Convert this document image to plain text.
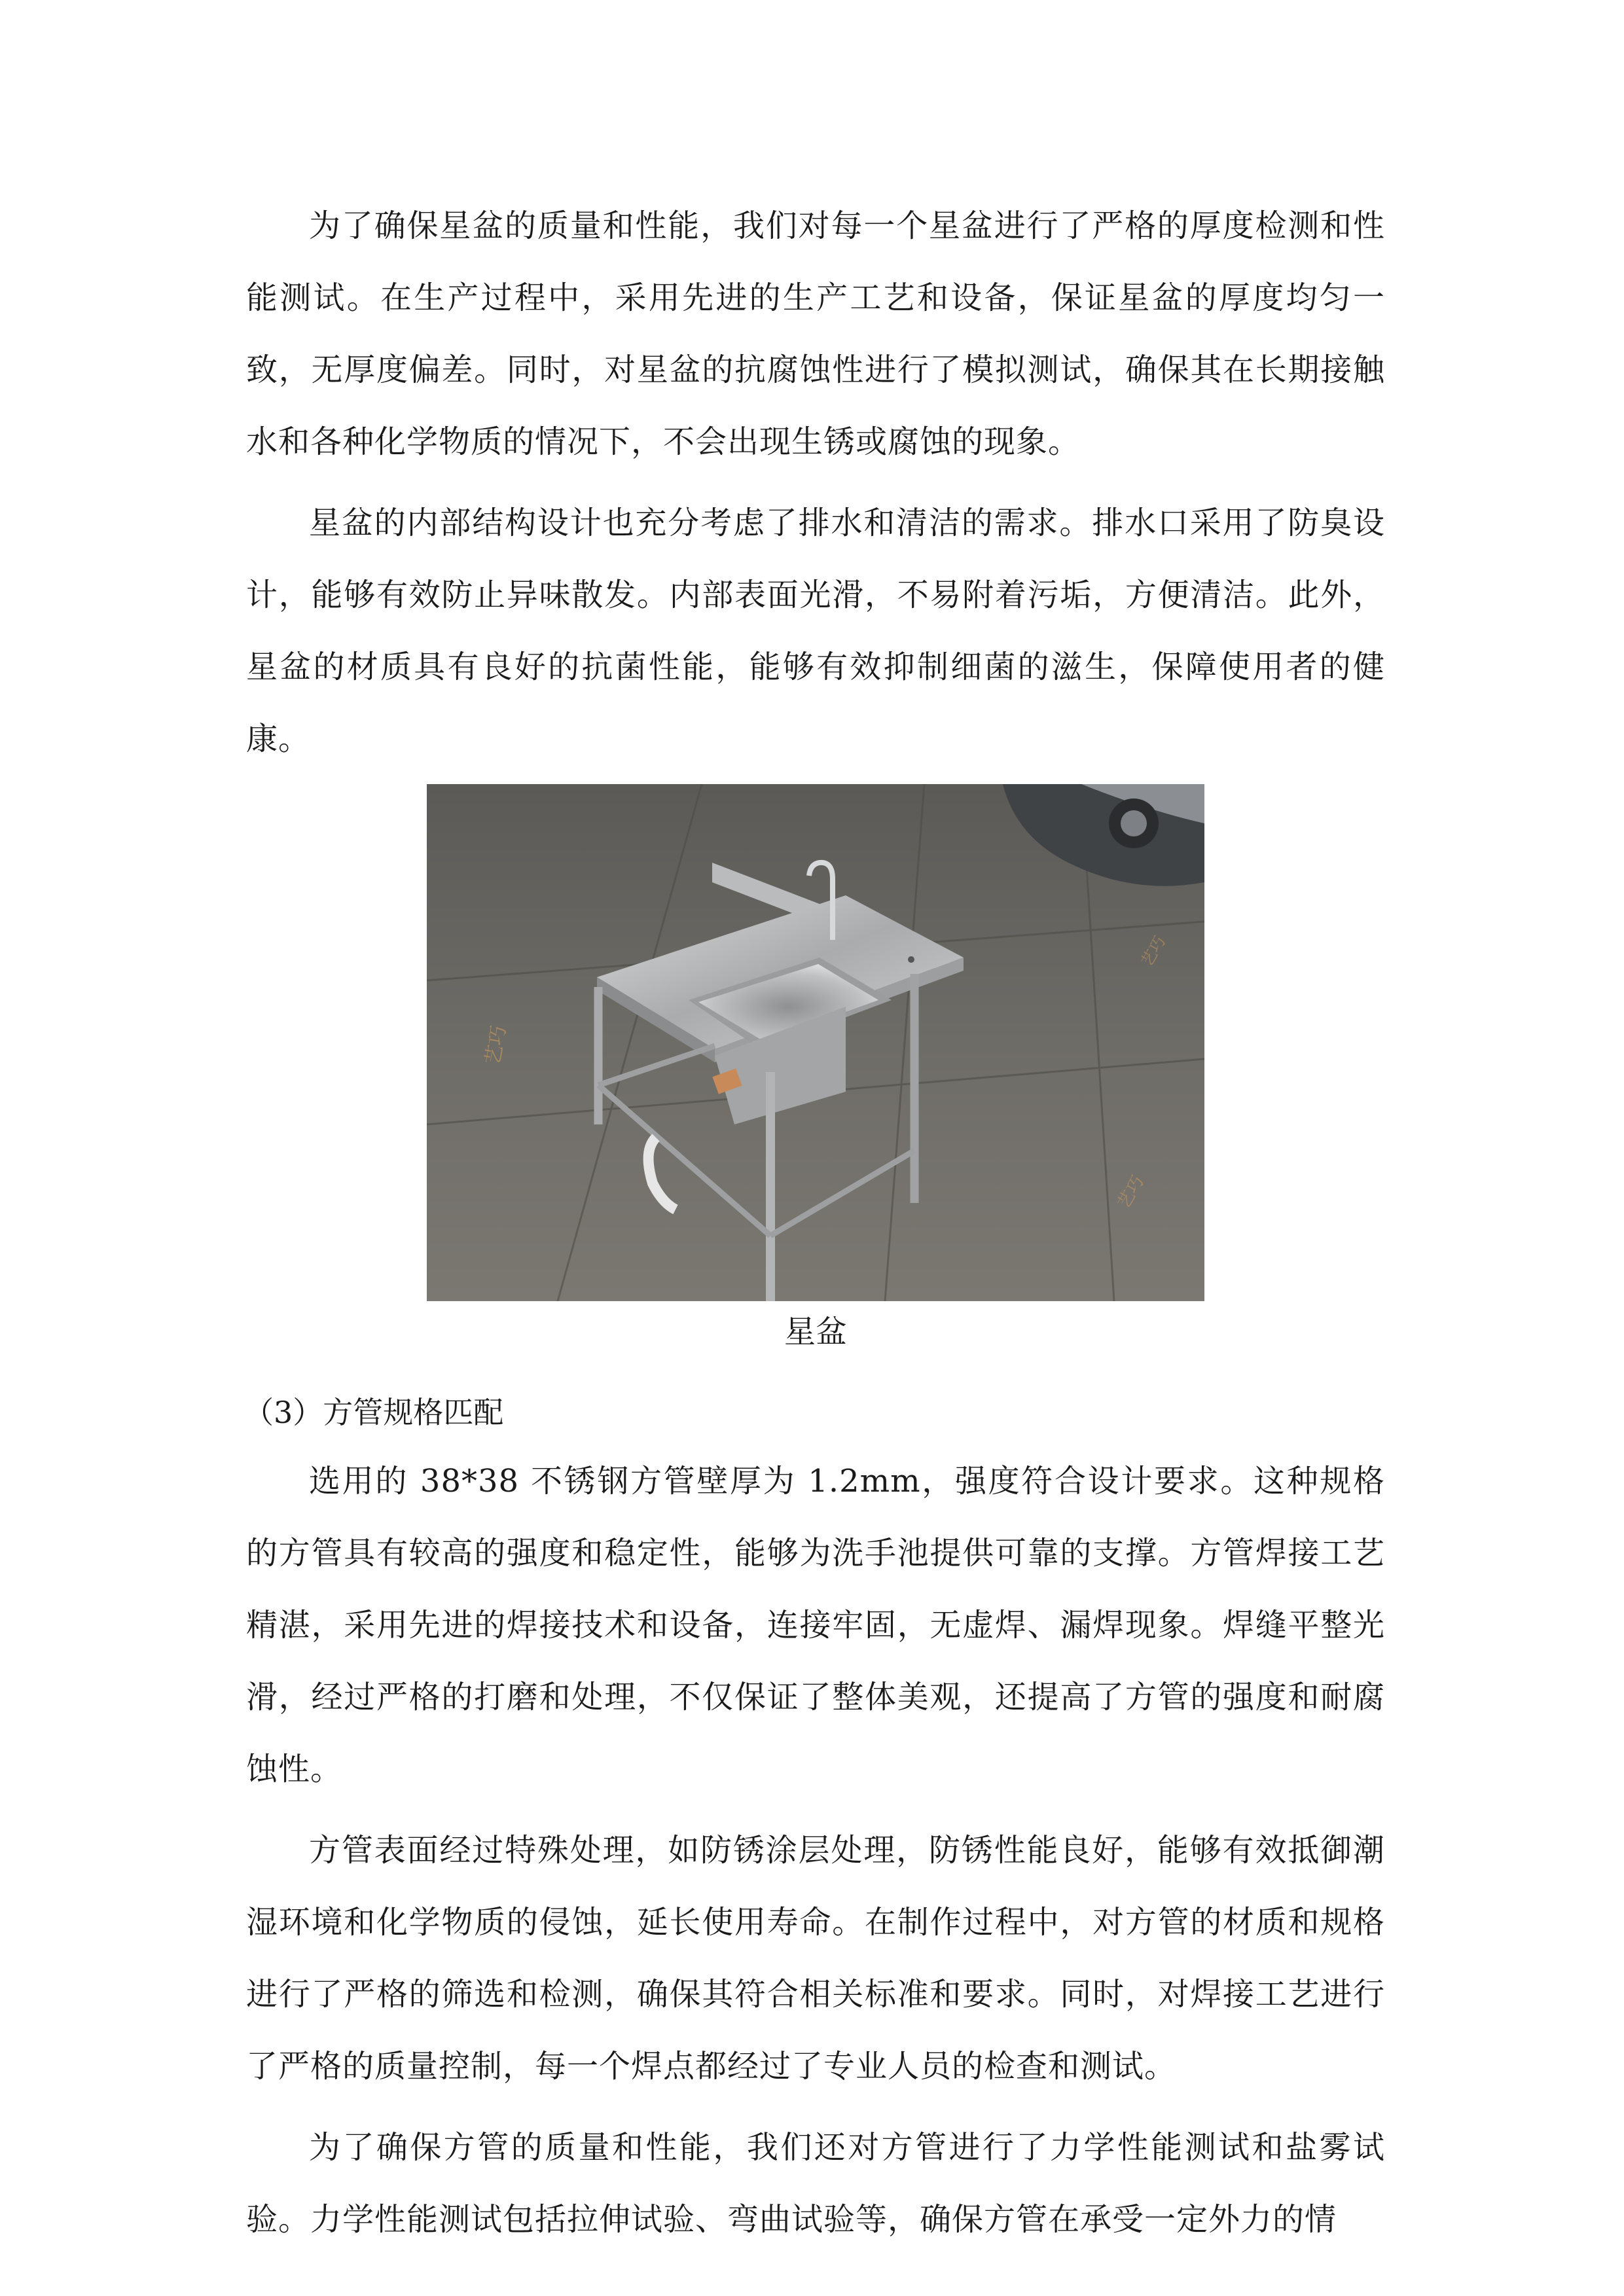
为了确保星盆的质量和性能，我们对每一个星盆进行了严格的厚度检测和性能测试。在生产过程中，采用先进的生产工艺和设备，保证星盆的厚度均匀一致，无厚度偏差。同时，对星盆的抗腐蚀性进行了模拟测试，确保其在长期接触水和各种化学物质的情况下，不会出现生锈或腐蚀的现象。

星盆的内部结构设计也充分考虑了排水和清洁的需求。排水口采用了防臭设计，能够有效防止异味散发。内部表面光滑，不易附着污垢，方便清洁。此外，星盆的材质具有良好的抗菌性能，能够有效抑制细菌的滋生，保障使用者的健康。

艺巧
艺巧
艺巧
星盆
（3）方管规格匹配

选用的 38*38 不锈钢方管壁厚为 1.2mm，强度符合设计要求。这种规格的方管具有较高的强度和稳定性，能够为洗手池提供可靠的支撑。方管焊接工艺精湛，采用先进的焊接技术和设备，连接牢固，无虚焊、漏焊现象。焊缝平整光滑，经过严格的打磨和处理，不仅保证了整体美观，还提高了方管的强度和耐腐蚀性。

方管表面经过特殊处理，如防锈涂层处理，防锈性能良好，能够有效抵御潮湿环境和化学物质的侵蚀，延长使用寿命。在制作过程中，对方管的材质和规格进行了严格的筛选和检测，确保其符合相关标准和要求。同时，对焊接工艺进行了严格的质量控制，每一个焊点都经过了专业人员的检查和测试。

为了确保方管的质量和性能，我们还对方管进行了力学性能测试和盐雾试验。力学性能测试包括拉伸试验、弯曲试验等，确保方管在承受一定外力的情
